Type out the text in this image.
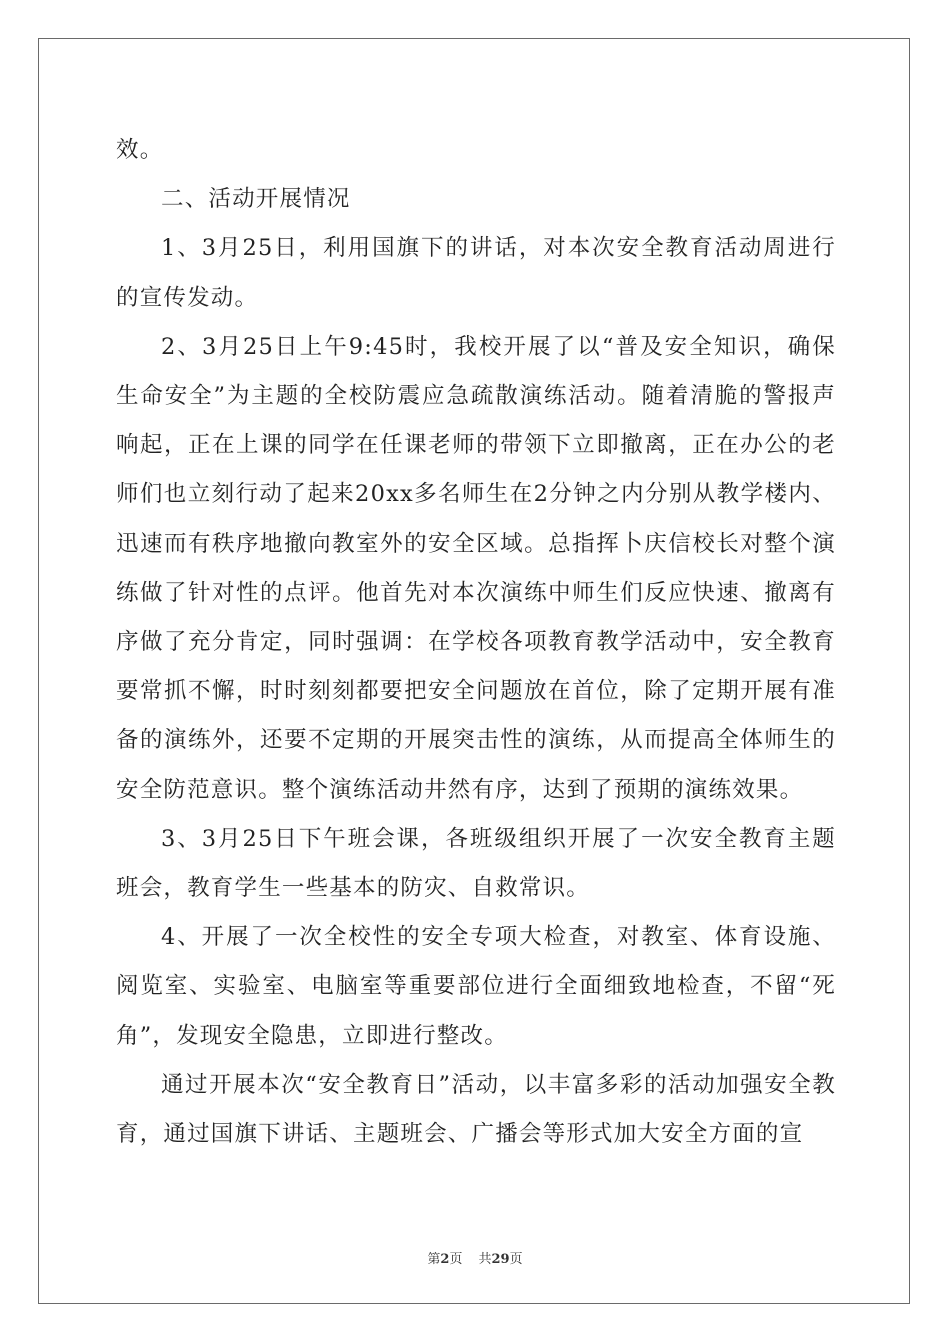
效。

二、活动开展情况

1、3月25日，利用国旗下的讲话，对本次安全教育活动周进行的宣传发动。

2、3月25日上午9:45时，我校开展了以“普及安全知识，确保生命安全”为主题的全校防震应急疏散演练活动。随着清脆的警报声响起，正在上课的同学在任课老师的带领下立即撤离，正在办公的老师们也立刻行动了起来20xx多名师生在2分钟之内分别从教学楼内、迅速而有秩序地撤向教室外的安全区域。总指挥卜庆信校长对整个演练做了针对性的点评。他首先对本次演练中师生们反应快速、撤离有序做了充分肯定，同时强调：在学校各项教育教学活动中，安全教育要常抓不懈，时时刻刻都要把安全问题放在首位，除了定期开展有准备的演练外，还要不定期的开展突击性的演练，从而提高全体师生的安全防范意识。整个演练活动井然有序，达到了预期的演练效果。

3、3月25日下午班会课，各班级组织开展了一次安全教育主题班会，教育学生一些基本的防灾、自救常识。

4、开展了一次全校性的安全专项大检查，对教室、体育设施、阅览室、实验室、电脑室等重要部位进行全面细致地检查，不留“死角”，发现安全隐患，立即进行整改。

通过开展本次“安全教育日”活动，以丰富多彩的活动加强安全教育，通过国旗下讲话、主题班会、广播会等形式加大安全方面的宣

第2页 共29页
